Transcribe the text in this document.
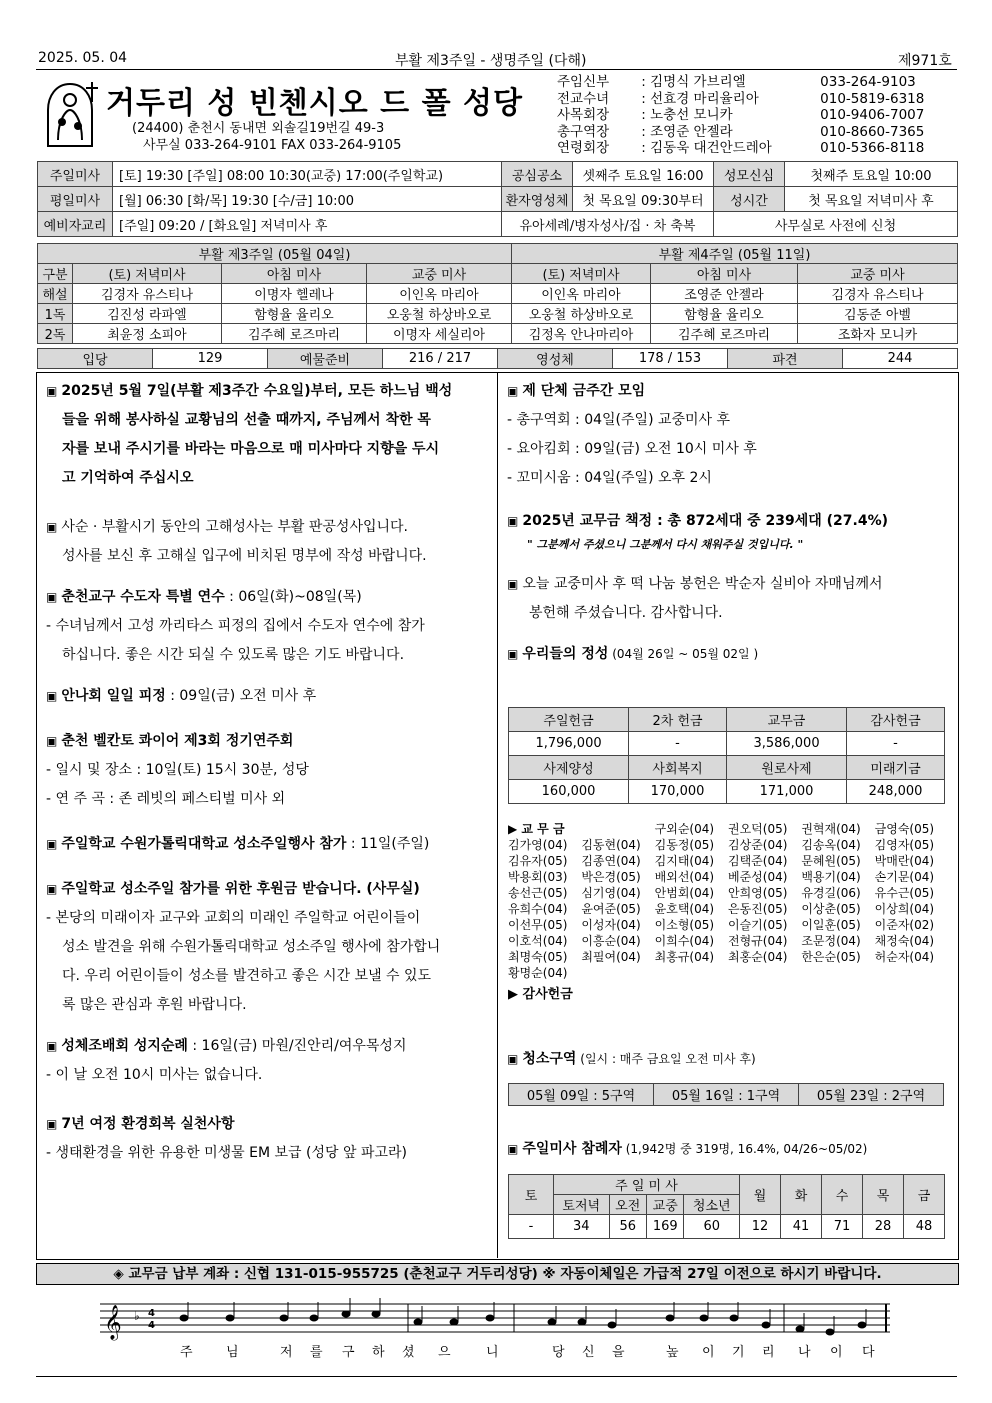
2025. 05. 04	부활 제3주일 - 생명주일 (다해)	제971호
거두리 성 빈첸시오 드 폴 성당
(24400) 춘천시 동내면 외솔길19번길 49-3
사무실 033-264-9101 FAX 033-264-9105
주임신부 : 김명식 가브리엘	033-264-9103
전교수녀 : 선효경 마리율리아	010-5819-6318
사목회장 : 노충선 모니카	010-9406-7007
총구역장 : 조영준 안젤라	010-8660-7365
연령회장 : 김동욱 대건안드레아	010-5366-8118
주일미사	[토] 19:30 [주일] 08:00 10:30(교중) 17:00(주일학교)	공심공소	셋째주 토요일 16:00	성모신심	첫째주 토요일 10:00
평일미사	[월] 06:30 [화/목] 19:30 [수/금] 10:00	환자영성체	첫 목요일 09:30부터	성시간	첫 목요일 저녁미사 후
예비자교리	[주일] 09:20 / [화요일] 저녁미사 후	유아세례/병자성사/집 · 차 축복		사무실로 사전에 신청	
부활 제3주일 (05월 04일)				부활 제4주일 (05월 11일)		
구분	(토) 저녁미사	아침 미사	교중 미사	(토) 저녁미사	아침 미사	교중 미사
해설	김경자 유스티나	이명자 헬레나	이인옥 마리아	이인옥 마리아	조영준 안젤라	김경자 유스티나
1독	김진성 라파엘	함형율 율리오	오웅철 하상바오로	오웅철 하상바오로	함형율 율리오	김동준 아벨
2독	최윤정 소피아	김주혜 로즈마리	이명자 세실리아	김정옥 안나마리아	김주혜 로즈마리	조화자 모니카
입당	129	예물준비	216 / 217	영성체	178 / 153	파견	244
▣ 2025년 5월 7일(부활 제3주간 수요일)부터, 모든 하느님 백성
들을 위해 봉사하실 교황님의 선출 때까지, 주님께서 착한 목
자를 보내 주시기를 바라는 마음으로 매 미사마다 지향을 두시
고 기억하여 주십시오
▣ 사순 · 부활시기 동안의 고해성사는 부활 판공성사입니다.
성사를 보신 후 고해실 입구에 비치된 명부에 작성 바랍니다.
▣ 춘천교구 수도자 특별 연수 : 06일(화)~08일(목)
- 수녀님께서 고성 까리타스 피정의 집에서 수도자 연수에 참가
하십니다. 좋은 시간 되실 수 있도록 많은 기도 바랍니다.
▣ 안나회 일일 피정 : 09일(금) 오전 미사 후
▣ 춘천 벨칸토 콰이어 제3회 정기연주회
- 일시 및 장소 : 10일(토) 15시 30분, 성당
- 연 주 곡 : 존 레빗의 페스티벌 미사 외
▣ 주일학교 수원가톨릭대학교 성소주일행사 참가 : 11일(주일)
▣ 주일학교 성소주일 참가를 위한 후원금 받습니다. (사무실)
- 본당의 미래이자 교구와 교회의 미래인 주일학교 어린이들이
성소 발견을 위해 수원가톨릭대학교 성소주일 행사에 참가합니
다. 우리 어린이들이 성소를 발견하고 좋은 시간 보낼 수 있도
록 많은 관심과 후원 바랍니다.
▣ 성체조배회 성지순례 : 16일(금) 마원/진안리/여우목성지
- 이 날 오전 10시 미사는 없습니다.
▣ 7년 여정 환경회복 실천사항
- 생태환경을 위한 유용한 미생물 EM 보급 (성당 앞 파고라)
▣ 제 단체 금주간 모임
- 총구역회 : 04일(주일) 교중미사 후
- 요아킴회 : 09일(금) 오전 10시 미사 후
- 꼬미시움 : 04일(주일) 오후 2시
▣ 2025년 교무금 책정 : 총 872세대 중 239세대 (27.4%)
" 그분께서 주셨으니 그분께서 다시 채워주실 것입니다. "
▣ 오늘 교중미사 후 떡 나눔 봉헌은 박순자 실비아 자매님께서
봉헌해 주셨습니다. 감사합니다.
▣ 우리들의 정성 (04월 26일 ~ 05월 02일 )
주일헌금	2차 헌금	교무금	감사헌금
1,796,000	-	3,586,000	-
사제양성	사회복지	원로사제	미래기금
160,000	170,000	171,000	248,000
▶ 교 무 금	구외순(04)	권오덕(05)	권혁재(04)	금영숙(05)
김가영(04)	김동현(04)	김동정(05)	김상준(04)	김송옥(04)	김영자(05)
김유자(05)	김종연(04)	김지태(04)	김택준(04)	문혜원(05)	박매란(04)
박용회(03)	박은경(05)	배외선(04)	베준성(04)	백용기(04)	손기문(04)
송선근(05)	심기영(04)	안범회(04)	안희영(05)	유경길(06)	유수근(05)
유희수(04)	윤여준(05)	윤호택(04)	은동진(05)	이상춘(05)	이상희(04)
이선무(05)	이성자(04)	이소형(05)	이슬기(05)	이일훈(05)	이준자(02)
이호석(04)	이흥순(04)	이희수(04)	전형규(04)	조문정(04)	채정숙(04)
최명숙(05)	최필여(04)	최홍규(04)	최홍순(04)	한은순(05)	허순자(04)
황명순(04)
▶ 감사헌금
▣ 청소구역 (일시 : 매주 금요일 오전 미사 후)
05월 09일 : 5구역	05월 16일 : 1구역	05월 23일 : 2구역
▣ 주일미사 참례자 (1,942명 중 319명, 16.4%, 04/26~05/02)
토	주 일 미 사				월	화	수	목	금
	토저녁	오전	교중	청소년					
-	34	56	169	60	12	41	71	28	48
◈ 교무금 납부 계좌 : 신협 131-015-955725 (춘천교구 거두리성당) ※ 자동이체일은 가급적 27일 이전으로 하시기 바랍니다.
𝄞 ♭ 4
4
주	님	저 를 구 하 셨 으	니	당 신 을	높 이 기 리 나 이 다
